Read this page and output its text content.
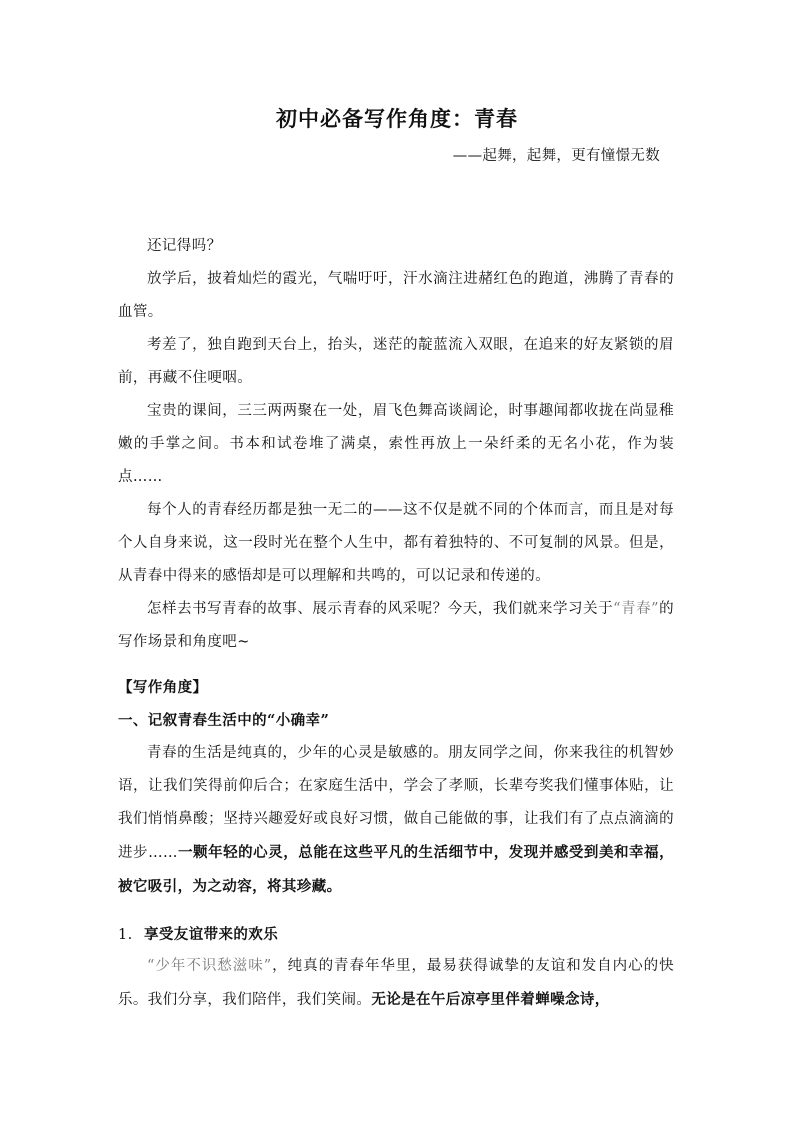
初中必备写作角度：青春

——起舞，起舞，更有憧憬无数

还记得吗？

放学后，披着灿烂的霞光，气喘吁吁，汗水滴注进赭红色的跑道，沸腾了青春的血管。

考差了，独自跑到天台上，抬头，迷茫的靛蓝流入双眼，在追来的好友紧锁的眉前，再藏不住哽咽。

宝贵的课间，三三两两聚在一处，眉飞色舞高谈阔论，时事趣闻都收拢在尚显稚嫩的手掌之间。书本和试卷堆了满桌，索性再放上一朵纤柔的无名小花，作为装点……

每个人的青春经历都是独一无二的——这不仅是就不同的个体而言，而且是对每个人自身来说，这一段时光在整个人生中，都有着独特的、不可复制的风景。但是，从青春中得来的感悟却是可以理解和共鸣的，可以记录和传递的。

怎样去书写青春的故事、展示青春的风采呢？今天，我们就来学习关于“青春”的写作场景和角度吧~

【写作角度】

一、记叙青春生活中的“小确幸”

青春的生活是纯真的，少年的心灵是敏感的。朋友同学之间，你来我往的机智妙语，让我们笑得前仰后合；在家庭生活中，学会了孝顺，长辈夸奖我们懂事体贴，让我们悄悄鼻酸；坚持兴趣爱好或良好习惯，做自己能做的事，让我们有了点点滴滴的进步……一颗年轻的心灵，总能在这些平凡的生活细节中，发现并感受到美和幸福，被它吸引，为之动容，将其珍藏。

1. 享受友谊带来的欢乐

“少年不识愁滋味”，纯真的青春年华里，最易获得诚挚的友谊和发自内心的快乐。我们分享，我们陪伴，我们笑闹。无论是在午后凉亭里伴着蝉噪念诗，
